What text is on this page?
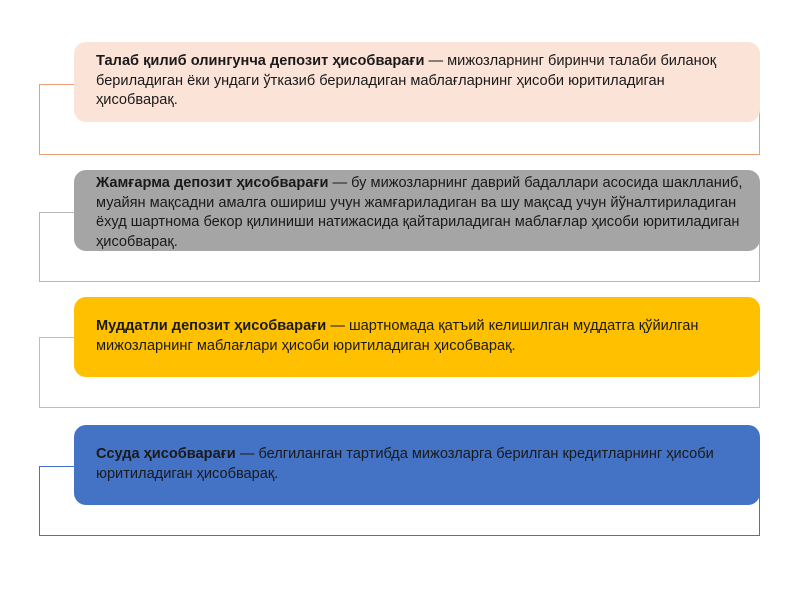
Талаб қилиб олингунча депозит ҳисобварағи — мижозларнинг биринчи талаби биланоқ бериладиган ёки ундаги ўтказиб бериладиган маблағларнинг ҳисоби юритиладиган ҳисобварақ.
Жамғарма депозит ҳисобварағи — бу мижозларнинг даврий бадаллари асосида шаклланиб, муайян мақсадни амалга ошириш учун жамғариладиган ва шу мақсад учун йўналтириладиган ёхуд шартнома бекор қилиниши натижасида қайтариладиган маблағлар ҳисоби юритиладиган ҳисобварақ.
Муддатли депозит ҳисобварағи — шартномада қатъий келишилган муддатга қўйилган мижозларнинг маблағлари ҳисоби юритиладиган ҳисобварақ.
Ссуда ҳисобварағи — белгиланган тартибда мижозларга берилган кредитларнинг ҳисоби юритиладиган ҳисобварақ.
